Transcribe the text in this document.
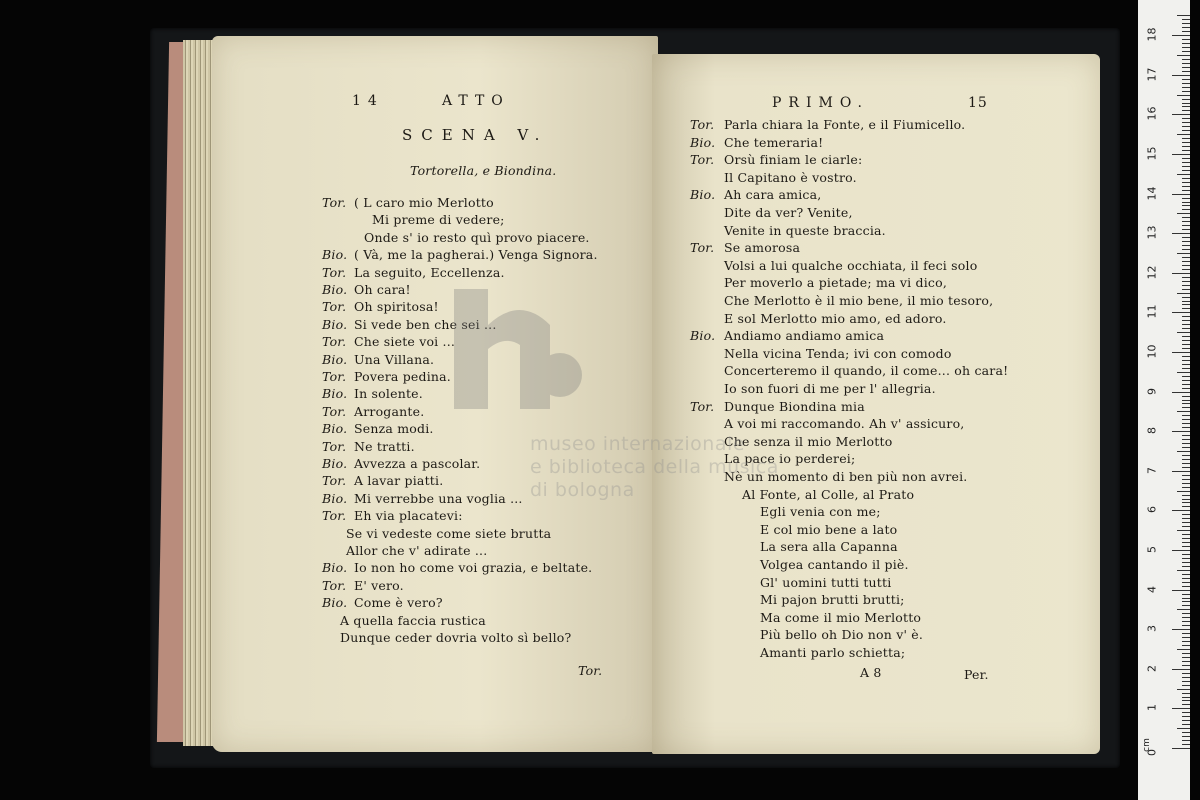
14	ATTO
SCENA V.
Tortorella, e Biondina.
Tor. ( L caro mio Merlotto
Mi preme di vedere;
Onde s' io resto quì provo piacere.
Bio. ( Và, me la pagherai.) Venga Signora.
Tor. La seguito, Eccellenza.
Bio. Oh cara!
Tor. Oh spiritosa!
Bio. Si vede ben che sei ...
Tor. Che siete voi ...
Bio. Una Villana.
Tor. Povera pedina.
Bio. In solente.
Tor. Arrogante.
Bio. Senza modi.
Tor. Ne tratti.
Bio. Avvezza a pascolar.
Tor. A lavar piatti.
Bio. Mi verrebbe una voglia ...
Tor. Eh via placatevi:
Se vi vedeste come siete brutta
Allor che v' adirate ...
Bio. Io non ho come voi grazia, e beltate.
Tor. E' vero.
Bio. Come è vero?
A quella faccia rustica
Dunque ceder dovria volto sì bello?
Tor.
PRIMO.	15
Tor. Parla chiara la Fonte, e il Fiumicello.
Bio. Che temeraria!
Tor. Orsù finiam le ciarle:
Il Capitano è vostro.
Bio. Ah cara amica,
Dite da ver? Venite,
Venite in queste braccia.
Tor. Se amorosa
Volsi a lui qualche occhiata, il feci solo
Per moverlo a pietade; ma vi dico,
Che Merlotto è il mio bene, il mio tesoro,
E sol Merlotto mio amo, ed adoro.
Bio. Andiamo andiamo amica
Nella vicina Tenda; ivi con comodo
Concerteremo il quando, il come... oh cara!
Io son fuori di me per l' allegria.
Tor. Dunque Biondina mia
A voi mi raccomando. Ah v' assicuro,
Che senza il mio Merlotto
La pace io perderei;
Nè un momento di ben più non avrei.
Al Fonte, al Colle, al Prato
Egli venia con me;
E col mio bene a lato
La sera alla Capanna
Volgea cantando il piè.
Gl' uomini tutti tutti
Mi pajon brutti brutti;
Ma come il mio Merlotto
Più bello oh Dio non v' è.
Amanti parlo schietta;
A 8	Per.
museo internazionale
e biblioteca della musica
di bologna
1
2
3
4
5
6
7
8
9
10
11
12
13
14
15
16
17
18
0
cm
